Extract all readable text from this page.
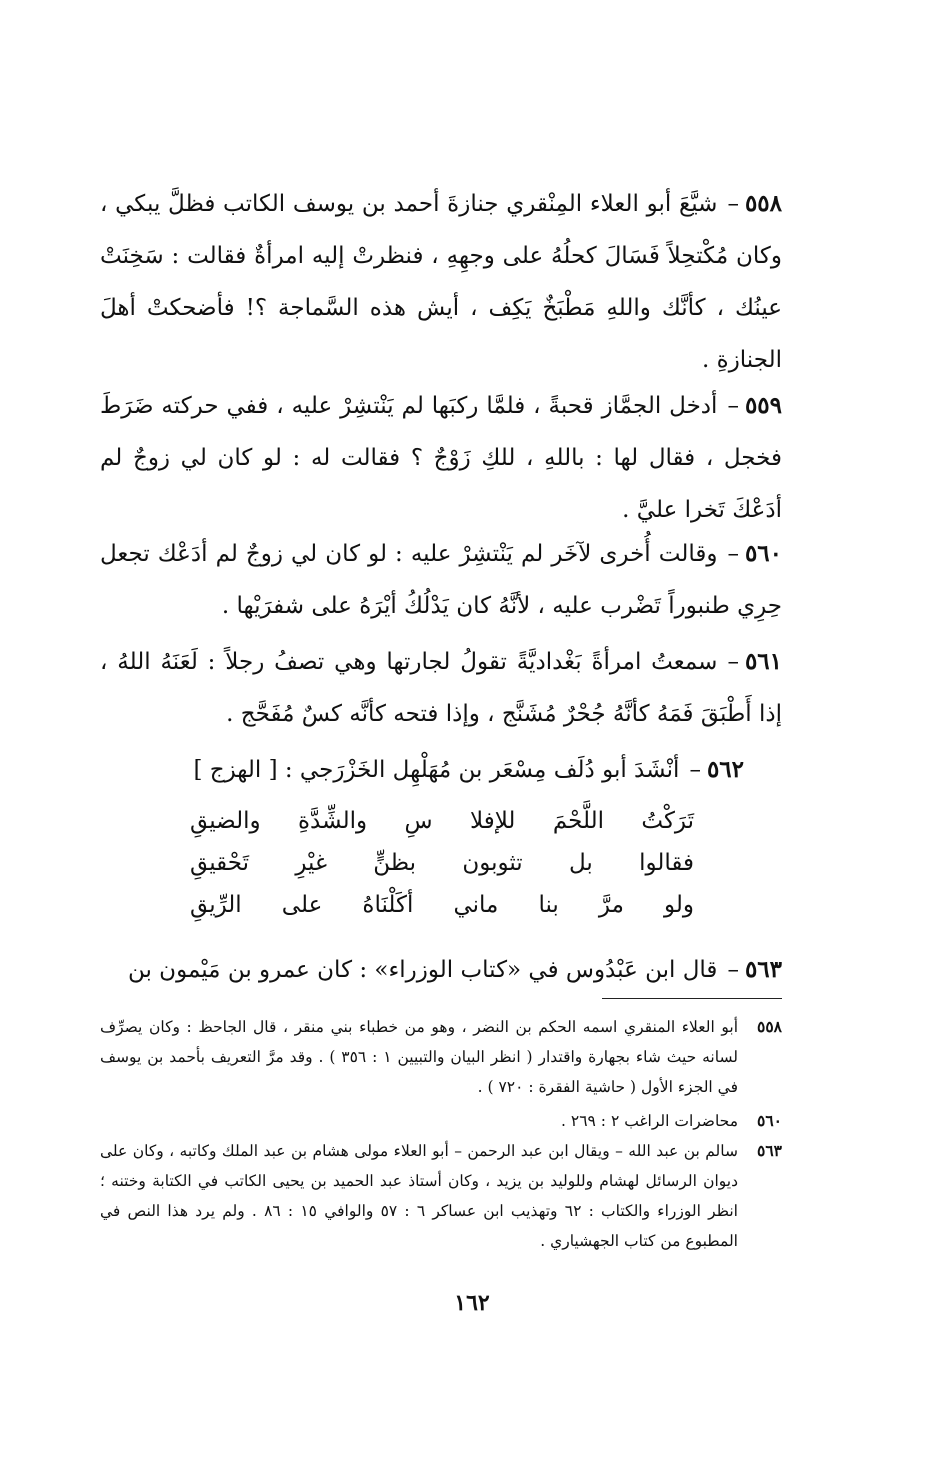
٥٥٨–شيَّعَ أبو العلاء المِنْقري جنازةَ أحمد بن يوسف الكاتب فظلَّ يبكي ، وكان مُكْتحِلاً فَسَالَ كحلُهُ على وجهِهِ ، فنظرتْ إليه امرأةٌ فقالت : سَخِنَتْ عينُك ، كأنَّك واللهِ مَطْبَخٌ يَكِف ، أيش هذه السَّماجة ؟! فأضحكتْ أهلَ الجنازةِ .
٥٥٩–أدخل الجمَّاز قحبةً ، فلمَّا ركبَها لم يَنْتشِرْ عليه ، ففي حركته ضَرَطَ فخجل ، فقال لها : باللهِ ، للكِ زَوْجٌ ؟ فقالت له : لو كان لي زوجٌ لم أدَعْكَ تَخرا عليَّ .
٥٦٠–وقالت أُخرى لآخَر لم يَنْتشِرْ عليه : لو كان لي زوجٌ لم أدَعْك تجعل حِرِي طنبوراً تَضْرب عليه ، لأنَّهُ كان يَدْلُكُ أيْرَهُ على شفرَيْها .
٥٦١–سمعتُ امرأةً بَغْداديَّةً تقولُ لجارتها وهي تصفُ رجلاً : لَعَنَهُ اللهُ ، إذا أَطْبَقَ فَمَهُ كأنَّهُ جُحْرٌ مُشَنَّج ، وإذا فتحه كأنَّه كسٌ مُفَحَّج .
٥٦٢–أنْشَدَ أبو دُلَف مِسْعَر بن مُهَلْهِل الخَزْرَجي : [ الهزج ]
تَرَكْتُ
اللَّحْمَ
للإفلا
سِ
والشِّدَّةِ
والضيقِ
فقالوا
بل
تثوبون
بظنٍّ
غيْرِ
تَحْقيقِ
ولو
مرَّ
بنا
ماني
أكَلْنَاهُ
على
الرِّيقِ
٥٦٣–قال ابن عَبْدُوس في «كتاب الوزراء» : كان عمرو بن مَيْمون بن
٥٥٨
أبو العلاء المنقري اسمه الحكم بن النضر ، وهو من خطباء بني منقر ، قال الجاحظ : وكان يصرِّف لسانه حيث شاء بجهارة واقتدار ( انظر البيان والتبيين ١ : ٣٥٦ ) . وقد مرَّ التعريف بأحمد بن يوسف في الجزء الأول ( حاشية الفقرة : ٧٢٠ ) .
٥٦٠
محاضرات الراغب ٢ : ٢٦٩ .
٥٦٣
سالم بن عبد الله – ويقال ابن عبد الرحمن – أبو العلاء مولى هشام بن عبد الملك وكاتبه ، وكان على ديوان الرسائل لهشام وللوليد بن يزيد ، وكان أستاذ عبد الحميد بن يحيى الكاتب في الكتابة وختنه ؛ انظر الوزراء والكتاب : ٦٢ وتهذيب ابن عساكر ٦ : ٥٧ والوافي ١٥ : ٨٦ . ولم يرد هذا النص في المطبوع من كتاب الجهشياري .
١٦٢
